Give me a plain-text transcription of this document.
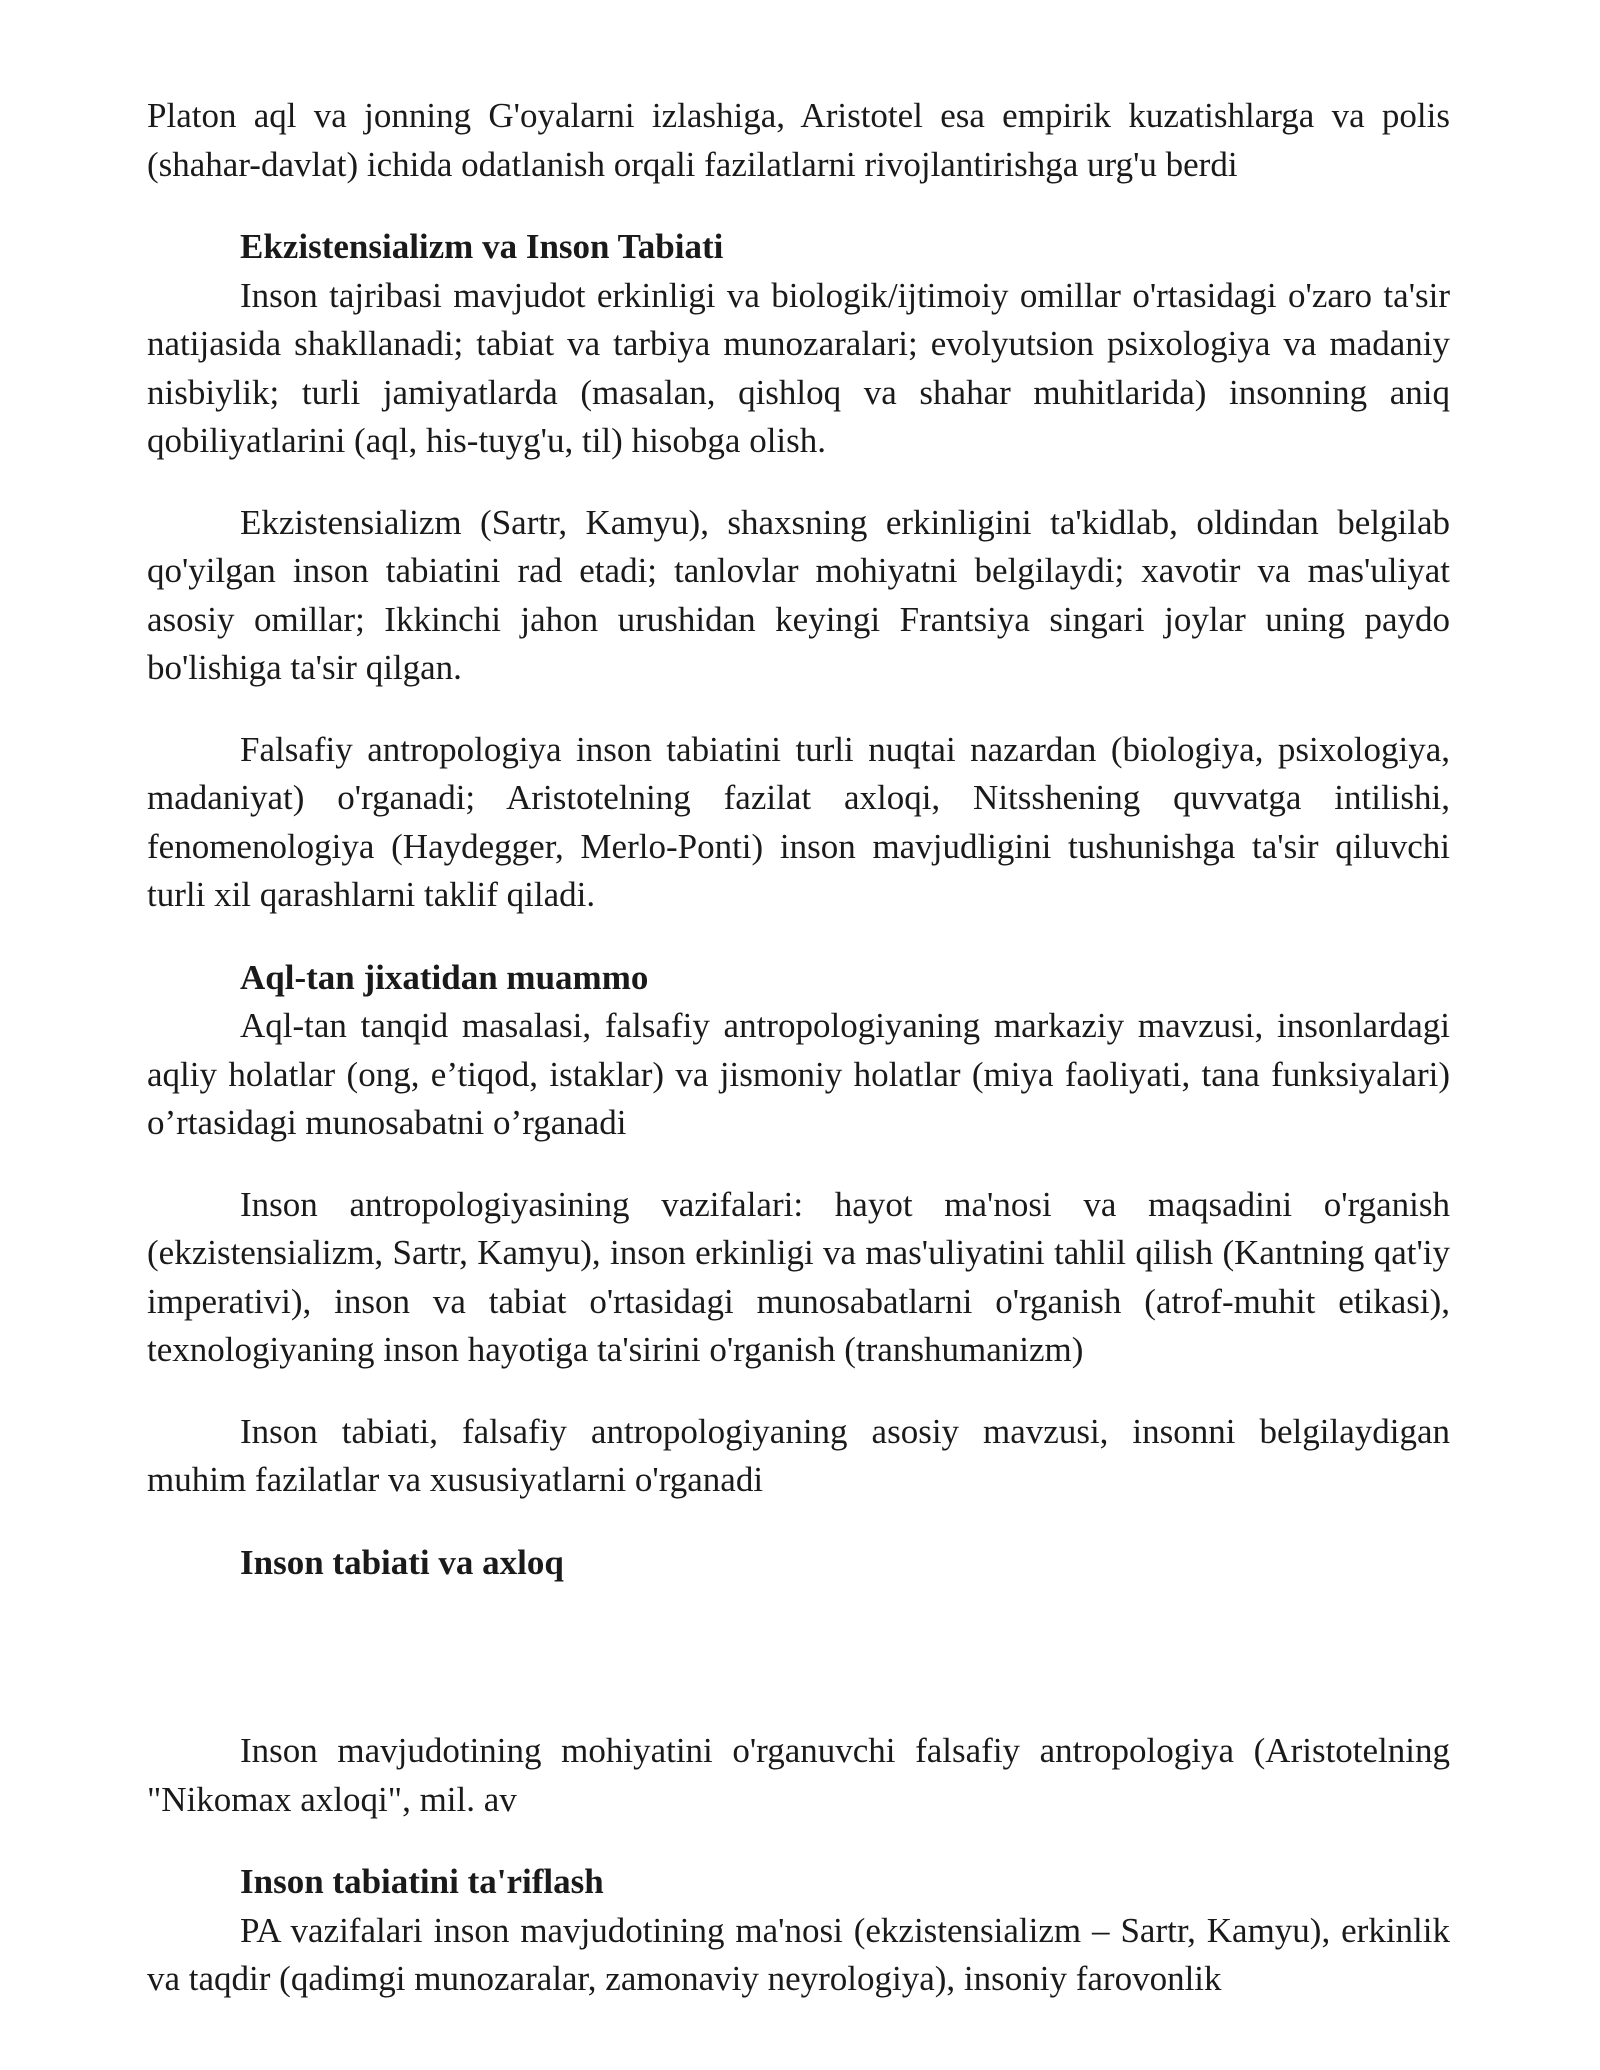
Platon aql va jonning G'oyalarni izlashiga, Aristotel esa empirik kuzatishlarga va polis (shahar-davlat) ichida odatlanish orqali fazilatlarni rivojlantirishga urg'u berdi

Ekzistensializm va Inson Tabiati

Inson tajribasi mavjudot erkinligi va biologik/ijtimoiy omillar o'rtasidagi o'zaro ta'sir natijasida shakllanadi; tabiat va tarbiya munozaralari; evolyutsion psixologiya va madaniy nisbiylik; turli jamiyatlarda (masalan, qishloq va shahar muhitlarida) insonning aniq qobiliyatlarini (aql, his-tuyg'u, til) hisobga olish.

Ekzistensializm (Sartr, Kamyu), shaxsning erkinligini ta'kidlab, oldindan belgilab qo'yilgan inson tabiatini rad etadi; tanlovlar mohiyatni belgilaydi; xavotir va mas'uliyat asosiy omillar; Ikkinchi jahon urushidan keyingi Frantsiya singari joylar uning paydo bo'lishiga ta'sir qilgan.

Falsafiy antropologiya inson tabiatini turli nuqtai nazardan (biologiya, psixologiya, madaniyat) o'rganadi; Aristotelning fazilat axloqi, Nitsshening quvvatga intilishi, fenomenologiya (Haydegger, Merlo-Ponti) inson mavjudligini tushunishga ta'sir qiluvchi turli xil qarashlarni taklif qiladi.

Aql-tan jixatidan muammo

Aql-tan tanqid masalasi, falsafiy antropologiyaning markaziy mavzusi, insonlardagi aqliy holatlar (ong, e’tiqod, istaklar) va jismoniy holatlar (miya faoliyati, tana funksiyalari) o’rtasidagi munosabatni o’rganadi

Inson antropologiyasining vazifalari: hayot ma'nosi va maqsadini o'rganish (ekzistensializm, Sartr, Kamyu), inson erkinligi va mas'uliyatini tahlil qilish (Kantning qat'iy imperativi), inson va tabiat o'rtasidagi munosabatlarni o'rganish (atrof-muhit etikasi), texnologiyaning inson hayotiga ta'sirini o'rganish (transhumanizm)

Inson tabiati, falsafiy antropologiyaning asosiy mavzusi, insonni belgilaydigan muhim fazilatlar va xususiyatlarni o'rganadi

Inson tabiati va axloq

Inson mavjudotining mohiyatini o'rganuvchi falsafiy antropologiya (Aristotelning "Nikomax axloqi", mil. av

Inson tabiatini ta'riflash

PA vazifalari inson mavjudotining ma'nosi (ekzistensializm – Sartr, Kamyu), erkinlik va taqdir (qadimgi munozaralar, zamonaviy neyrologiya), insoniy farovonlik
